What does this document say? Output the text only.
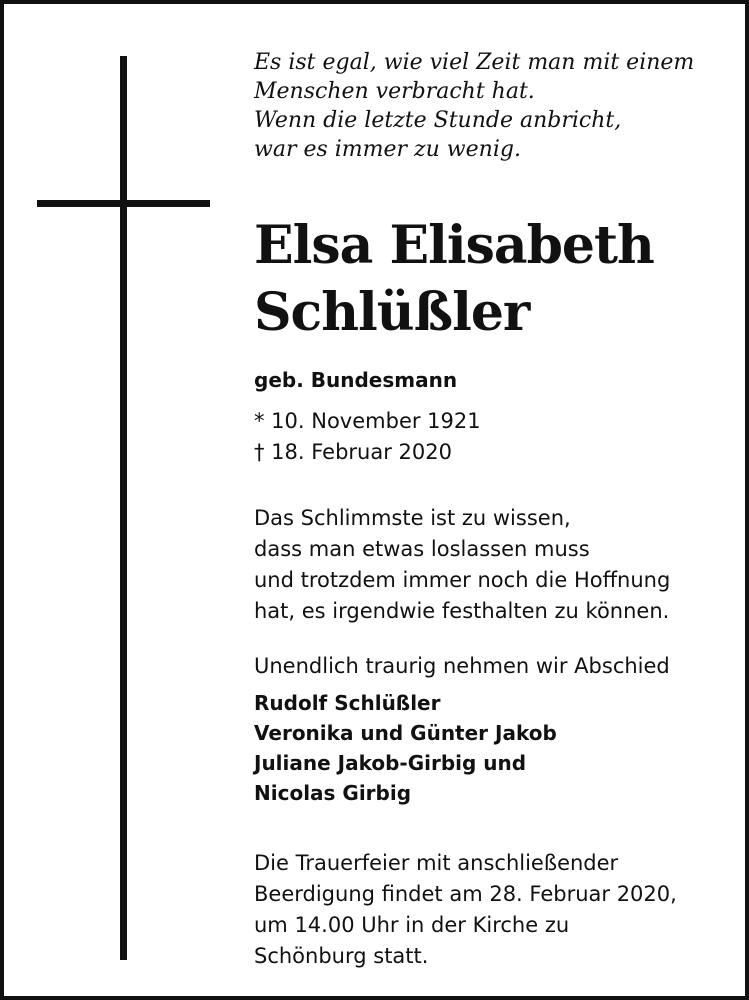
Es ist egal, wie viel Zeit man mit einem
Menschen verbracht hat.
Wenn die letzte Stunde anbricht,
war es immer zu wenig.
Elsa Elisabeth
Schlüßler
geb. Bundesmann
* 10. November 1921
† 18. Februar 2020
Das Schlimmste ist zu wissen,
dass man etwas loslassen muss
und trotzdem immer noch die Hoffnung
hat, es irgendwie festhalten zu können.
Unendlich traurig nehmen wir Abschied
Rudolf Schlüßler
Veronika und Günter Jakob
Juliane Jakob-Girbig und
Nicolas Girbig
Die Trauerfeier mit anschließender
Beerdigung findet am 28. Februar 2020,
um 14.00 Uhr in der Kirche zu
Schönburg statt.
